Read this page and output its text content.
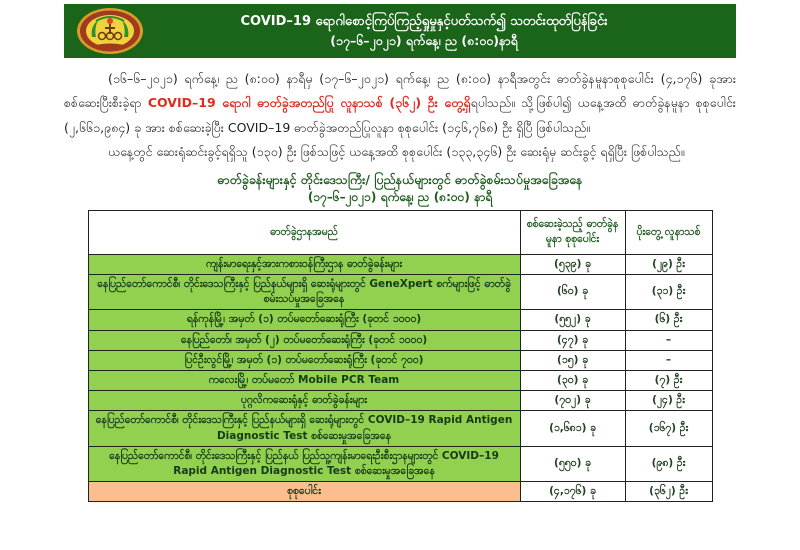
COVID–19 ရောဂါစောင့်ကြပ်ကြည့်ရှုမှုနှင့်ပတ်သက်၍ သတင်းထုတ်ပြန်ခြင်း
(၁၇–၆–၂၀၂၁) ရက်နေ့၊ ည (၈:၀၀)နာရီ

(၁၆–၆–၂၀၂၁) ရက်နေ့၊ ည (၈:၀၀) နာရီမှ (၁၇–၆–၂၀၂၁) ရက်နေ့၊ ည (၈:၀၀) နာရီအတွင်း ဓာတ်ခွဲနမူနာစုစုပေါင်း (၄,၁၇၆) ခုအား စစ်ဆေးပြီးစီးခဲ့ရာ COVID–19 ရောဂါ ဓာတ်ခွဲအတည်ပြု လူနာသစ် (၃၆၂) ဦး တွေ့ရှိရပါသည်။ သို့ဖြစ်ပါ၍ ယနေ့အထိ ဓာတ်ခွဲနမူနာ စုစုပေါင်း (၂,၆၆၁,၉၈၄) ခု အား စစ်ဆေးခဲ့ပြီး COVID–19 ဓာတ်ခွဲအတည်ပြုလူနာ စုစုပေါင်း (၁၄၆,၇၆၈) ဦး ရှိပြီ ဖြစ်ပါသည်။

ယနေ့တွင် ဆေးရုံဆင်းခွင့်ရရှိသူ (၁၃၀) ဦး ဖြစ်သဖြင့် ယနေ့အထိ စုစုပေါင်း (၁၃၃,၃၄၆) ဦး ဆေးရုံမှ ဆင်းခွင့် ရရှိပြီး ဖြစ်ပါသည်။

ဓာတ်ခွဲခန်းများနှင့် တိုင်းဒေသကြီး/ ပြည်နယ်များတွင် ဓာတ်ခွဲစမ်းသပ်မှုအခြေအနေ
(၁၇–၆–၂၀၂၁) ရက်နေ့၊ ည (၈:၀၀) နာရီ
ဓာတ်ခွဲဌာနအမည်	စစ်ဆေးခဲ့သည့် ဓာတ်ခွဲနမူနာ စုစုပေါင်း	ပိုးတွေ့ လူနာသစ်
ကျန်းမာရေးနှင့်အားကစားဝန်ကြီးဌာန ဓာတ်ခွဲခန်းများ	(၅၃၉) ခု	(၂၉) ဦး
နေပြည်တော်ကောင်စီ၊ တိုင်းဒေသကြီးနှင့် ပြည်နယ်များရှိ ဆေးရုံများတွင် GeneXpert စက်များဖြင့် ဓာတ်ခွဲစမ်းသပ်မှုအခြေအနေ	(၆၀) ခု	(၃၁) ဦး
ရန်ကုန်မြို့၊ အမှတ် (၁) တပ်မတော်ဆေးရုံကြီး (ခုတင် ၁၀၀၀)	(၅၅၂) ခု	(၆) ဦး
နေပြည်တော်၊ အမှတ် (၂) တပ်မတော်ဆေးရုံကြီး (ခုတင် ၁၀၀၀)	(၄၇) ခု	–
ပြင်ဦးလွင်မြို့၊ အမှတ် (၁) တပ်မတော်ဆေးရုံကြီး (ခုတင် ၇၀၀)	(၁၅) ခု	–
ကလေးမြို့၊ တပ်မတော် Mobile PCR Team	(၃၀) ခု	(၇) ဦး
ပုဂ္ဂလိကဆေးရုံနှင့် ဓာတ်ခွဲခန်းများ	(၇၀၂) ခု	(၂၄) ဦး
နေပြည်တော်ကောင်စီ၊ တိုင်းဒေသကြီးနှင့် ပြည်နယ်များရှိ ဆေးရုံများတွင် COVID–19 Rapid Antigen Diagnostic Test စစ်ဆေးမှုအခြေအနေ	(၁,၆၈၁) ခု	(၁၆၇) ဦး
နေပြည်တော်ကောင်စီ၊ တိုင်းဒေသကြီးနှင့် ပြည်နယ် ပြည်သူ့ကျန်းမာရေးဦးစီးဌာနများတွင် COVID–19 Rapid Antigen Diagnostic Test စစ်ဆေးမှုအခြေအနေ	(၅၅၀) ခု	(၉၈) ဦး
စုစုပေါင်း	(၄,၁၇၆) ခု	(၃၆၂) ဦး
